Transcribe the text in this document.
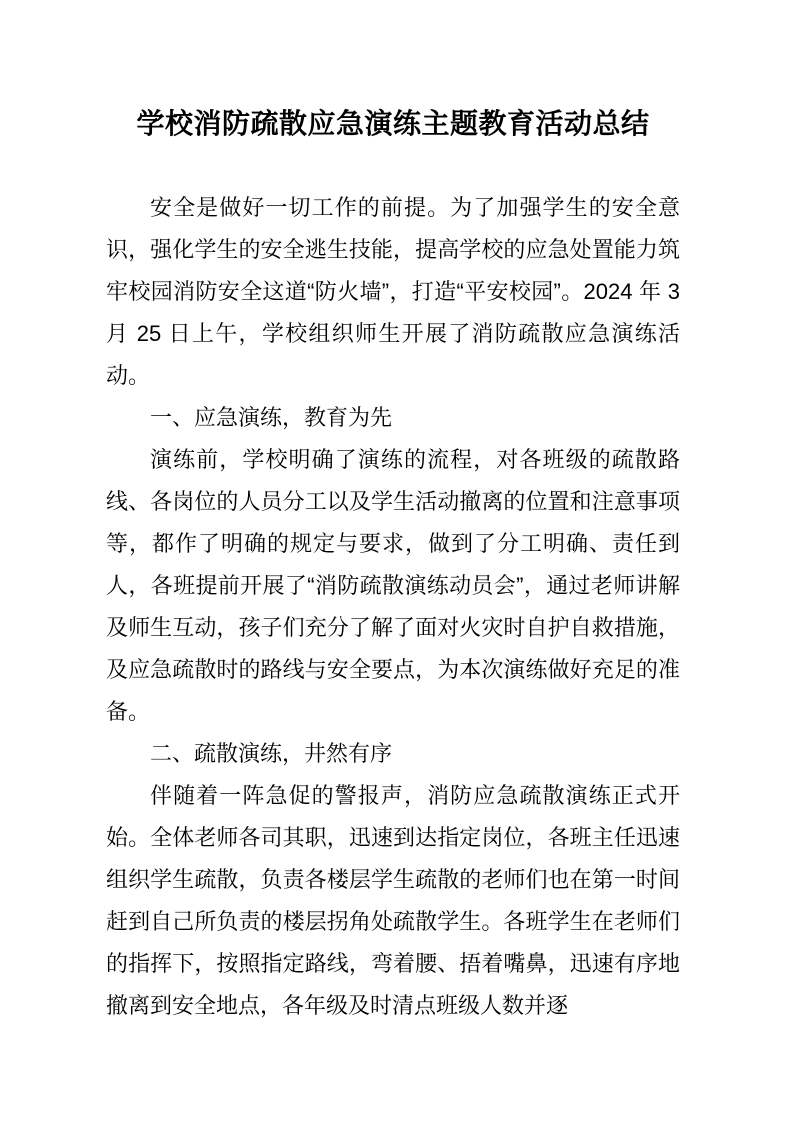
学校消防疏散应急演练主题教育活动总结

安全是做好一切工作的前提。为了加强学生的安全意识，强化学生的安全逃生技能，提高学校的应急处置能力筑牢校园消防安全这道“防火墙”，打造“平安校园”。2024 年 3 月 25 日上午，学校组织师生开展了消防疏散应急演练活动。

一、应急演练，教育为先

演练前，学校明确了演练的流程，对各班级的疏散路线、各岗位的人员分工以及学生活动撤离的位置和注意事项等，都作了明确的规定与要求，做到了分工明确、责任到人，各班提前开展了“消防疏散演练动员会”，通过老师讲解及师生互动，孩子们充分了解了面对火灾时自护自救措施，及应急疏散时的路线与安全要点，为本次演练做好充足的准备。

二、疏散演练，井然有序

伴随着一阵急促的警报声，消防应急疏散演练正式开始。全体老师各司其职，迅速到达指定岗位，各班主任迅速组织学生疏散，负责各楼层学生疏散的老师们也在第一时间赶到自己所负责的楼层拐角处疏散学生。各班学生在老师们的指挥下，按照指定路线，弯着腰、捂着嘴鼻，迅速有序地撤离到安全地点，各年级及时清点班级人数并逐
